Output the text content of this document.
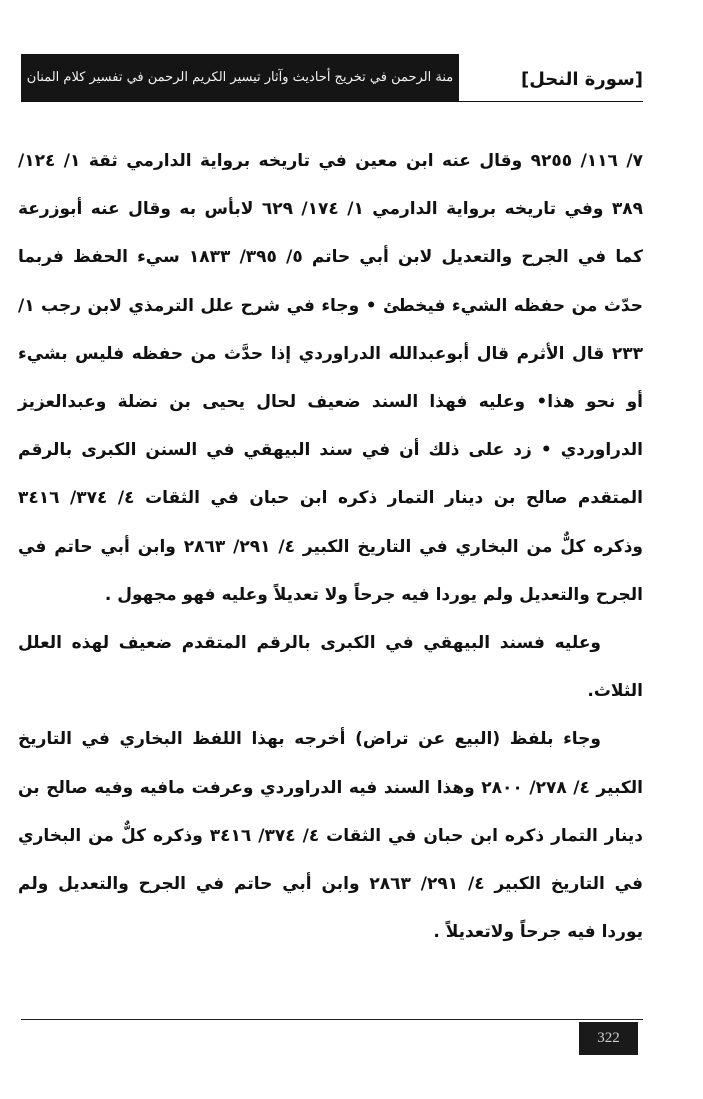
منة الرحمن في تخريج أحاديث وآثار تيسير الكريم الرحمن في تفسير كلام المنان	[سورة النحل]

٧/ ١١٦/ ٩٢٥٥ وقال عنه ابن معين في تاريخه برواية الدارمي ثقة ١/ ١٢٤/ ٣٨٩ وفي تاريخه برواية الدارمي ١/ ١٧٤/ ٦٢٩ لابأس به وقال عنه أبوزرعة كما في الجرح والتعديل لابن أبي حاتم ٥/ ٣٩٥/ ١٨٣٣ سيء الحفظ فربما حدّث من حفظه الشيء فيخطئ • وجاء في شرح علل الترمذي لابن رجب ١/ ٢٣٣ قال الأثرم قال أبوعبدالله الدراوردي إذا حدَّث من حفظه فليس بشيء أو نحو هذا• وعليه فهذا السند ضعيف لحال يحيى بن نضلة وعبدالعزيز الدراوردي • زد على ذلك أن في سند البيهقي في السنن الكبرى بالرقم المتقدم صالح بن دينار التمار ذكره ابن حبان في الثقات ٤/ ٣٧٤/ ٣٤١٦ وذكره كلٌّ من البخاري في التاريخ الكبير ٤/ ٢٩١/ ٢٨٦٣ وابن أبي حاتم في الجرح والتعديل ولم يوردا فيه جرحاً ولا تعديلاً وعليه فهو مجهول .

وعليه فسند البيهقي في الكبرى بالرقم المتقدم ضعيف لهذه العلل الثلاث.

وجاء بلفظ (البيع عن تراض) أخرجه بهذا اللفظ البخاري في التاريخ الكبير ٤/ ٢٧٨/ ٢٨٠٠ وهذا السند فيه الدراوردي وعرفت مافيه وفيه صالح بن دينار التمار ذكره ابن حبان في الثقات ٤/ ٣٧٤/ ٣٤١٦ وذكره كلٌّ من البخاري في التاريخ الكبير ٤/ ٢٩١/ ٢٨٦٣ وابن أبي حاتم في الجرح والتعديل ولم يوردا فيه جرحاً ولاتعديلاً .

322
